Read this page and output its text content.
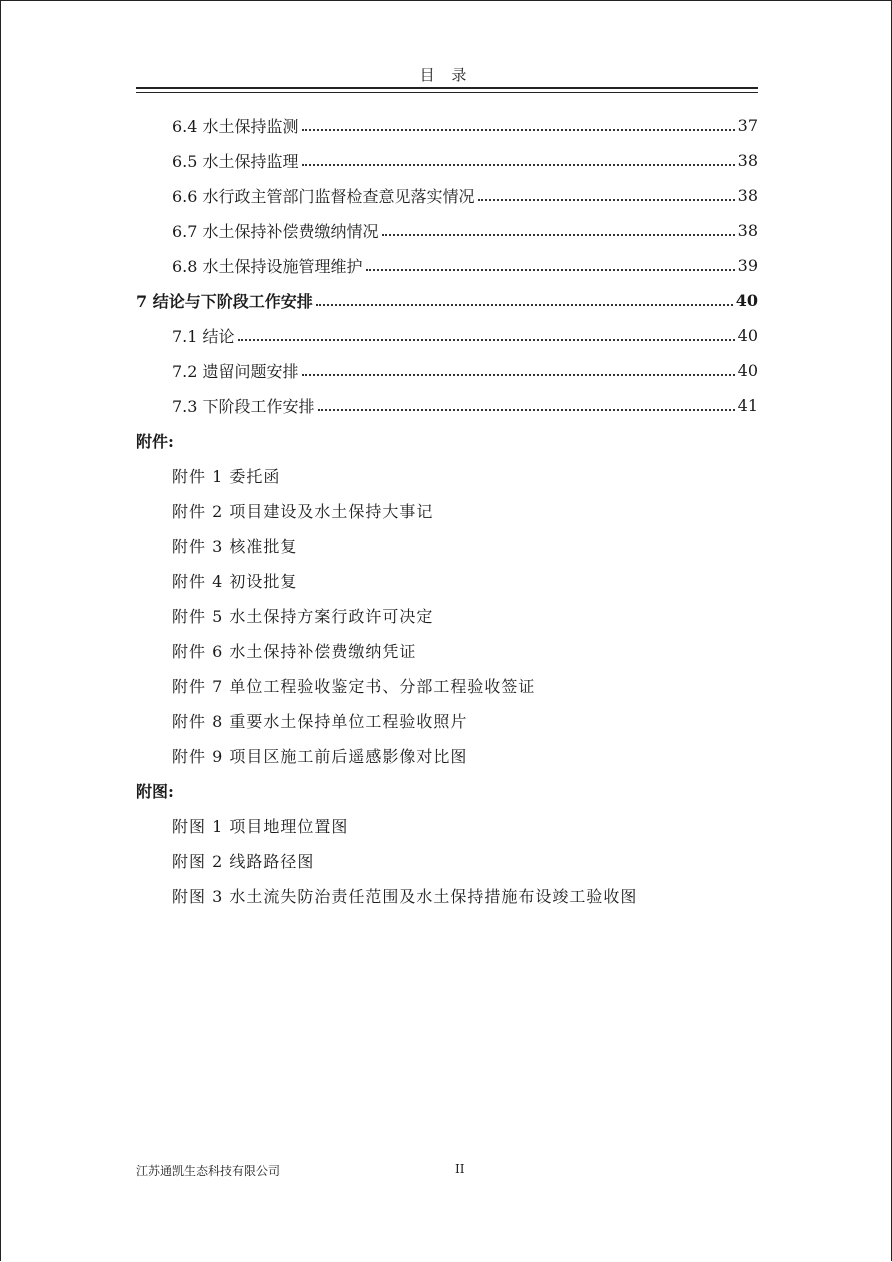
目 录
6.4 水土保持监测	37
6.5 水土保持监理	38
6.6 水行政主管部门监督检查意见落实情况	38
6.7 水土保持补偿费缴纳情况	38
6.8 水土保持设施管理维护	39
7 结论与下阶段工作安排	40
7.1 结论	40
7.2 遗留问题安排	40
7.3 下阶段工作安排	41
附件:
附件 1 委托函
附件 2 项目建设及水土保持大事记
附件 3 核准批复
附件 4 初设批复
附件 5 水土保持方案行政许可决定
附件 6 水土保持补偿费缴纳凭证
附件 7 单位工程验收鉴定书、分部工程验收签证
附件 8 重要水土保持单位工程验收照片
附件 9 项目区施工前后遥感影像对比图
附图:
附图 1 项目地理位置图
附图 2 线路路径图
附图 3 水土流失防治责任范围及水土保持措施布设竣工验收图
江苏通凯生态科技有限公司	II
